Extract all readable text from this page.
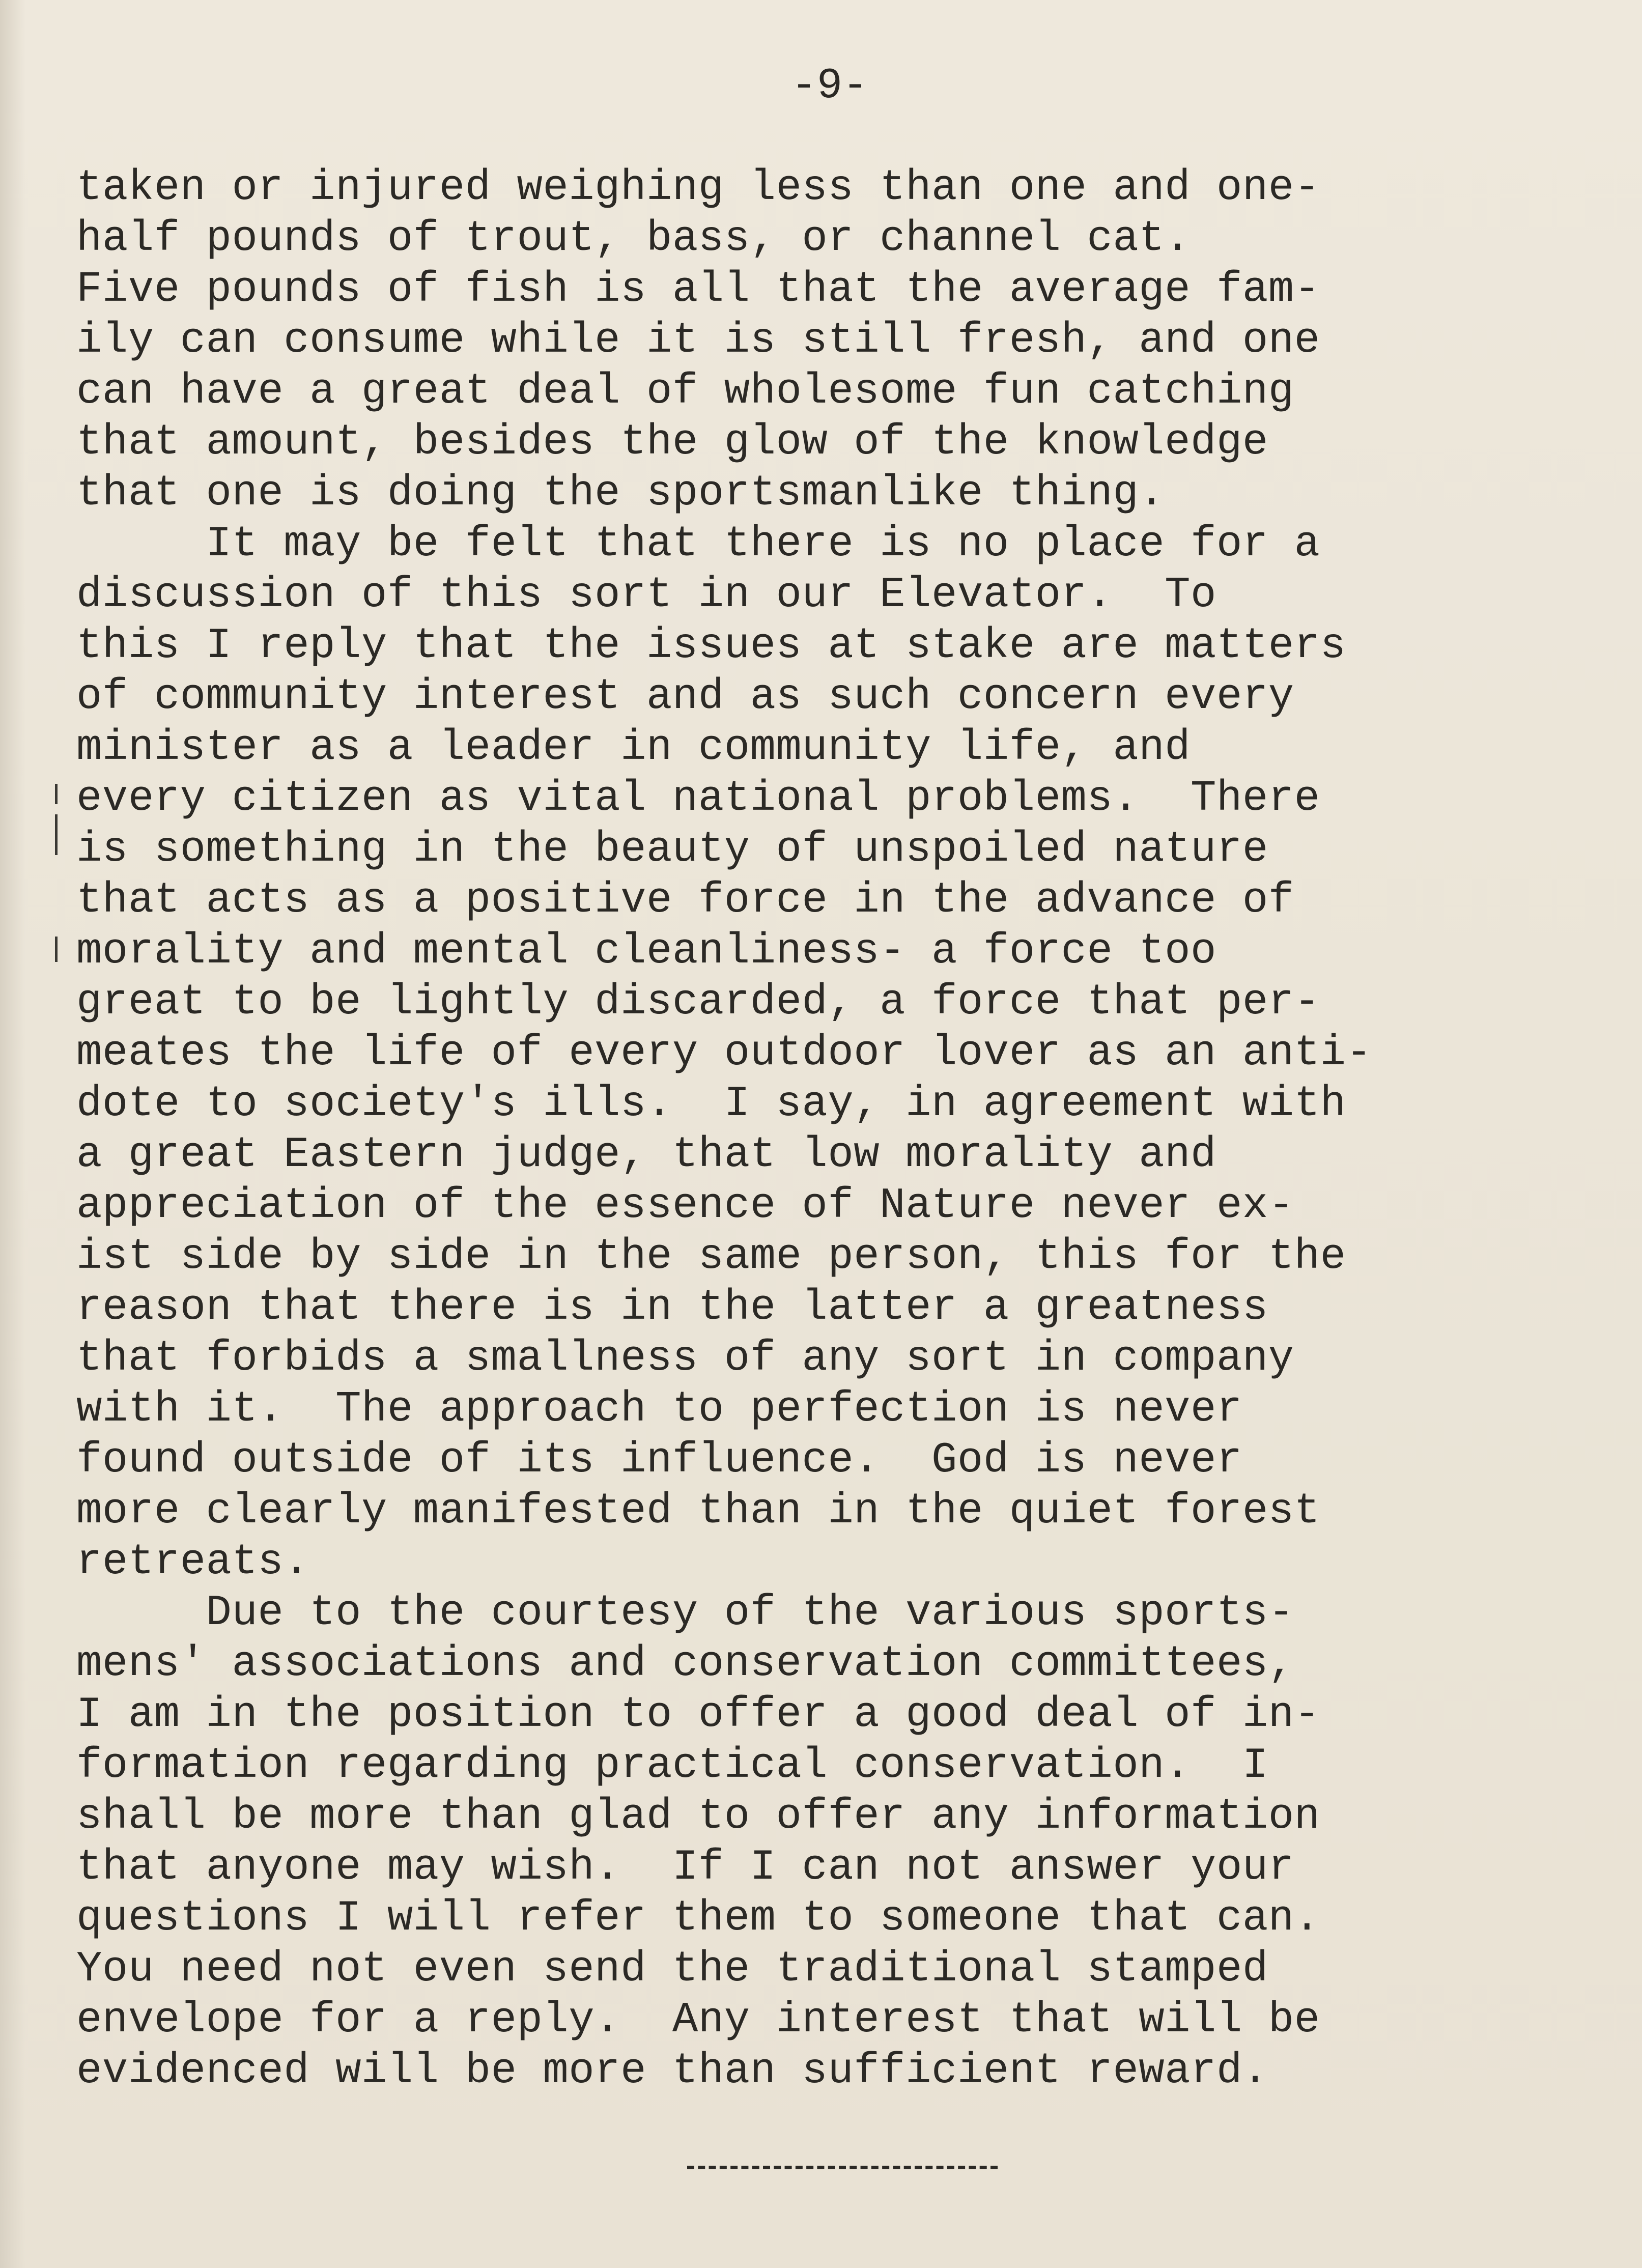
-9-
taken or injured weighing less than one and one-
half pounds of trout, bass, or channel cat.
Five pounds of fish is all that the average fam-
ily can consume while it is still fresh, and one
can have a great deal of wholesome fun catching
that amount, besides the glow of the knowledge
that one is doing the sportsmanlike thing.
It may be felt that there is no place for a
discussion of this sort in our Elevator.  To
this I reply that the issues at stake are matters
of community interest and as such concern every
minister as a leader in community life, and
every citizen as vital national problems.  There
is something in the beauty of unspoiled nature
that acts as a positive force in the advance of
morality and mental cleanliness- a force too
great to be lightly discarded, a force that per-
meates the life of every outdoor lover as an anti-
dote to society's ills.  I say, in agreement with
a great Eastern judge, that low morality and
appreciation of the essence of Nature never ex-
ist side by side in the same person, this for the
reason that there is in the latter a greatness
that forbids a smallness of any sort in company
with it.  The approach to perfection is never
found outside of its influence.  God is never
more clearly manifested than in the quiet forest
retreats.
Due to the courtesy of the various sports-
mens' associations and conservation committees,
I am in the position to offer a good deal of in-
formation regarding practical conservation.  I
shall be more than glad to offer any information
that anyone may wish.  If I can not answer your
questions I will refer them to someone that can.
You need not even send the traditional stamped
envelope for a reply.  Any interest that will be
evidenced will be more than sufficient reward.
